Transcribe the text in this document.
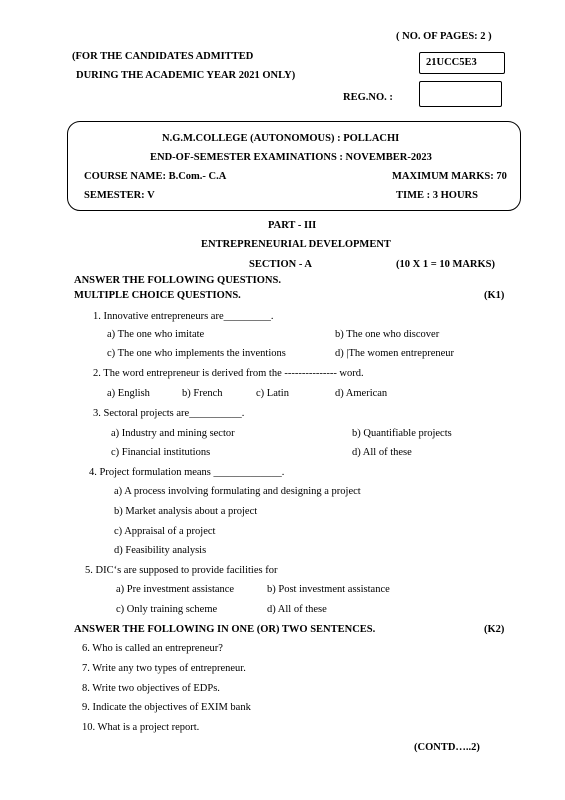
( NO. OF PAGES: 2 )
(FOR THE CANDIDATES ADMITTED
DURING THE ACADEMIC YEAR 2021 ONLY)
21UCC5E3
REG.NO. :
N.G.M.COLLEGE (AUTONOMOUS) : POLLACHI
END-OF-SEMESTER EXAMINATIONS : NOVEMBER-2023
COURSE NAME: B.Com.- C.A	MAXIMUM MARKS: 70
SEMESTER: V	TIME : 3 HOURS
PART - III
ENTREPRENEURIAL DEVELOPMENT
SECTION - A	(10 X 1 = 10 MARKS)
ANSWER THE FOLLOWING QUESTIONS.
MULTIPLE CHOICE QUESTIONS.	(K1)
1. Innovative entrepreneurs are_________.
a) The one who imitate	b) The one who discover
c) The one who implements the inventions	d) |The women entrepreneur
2. The word entrepreneur is derived from the --------------- word.
a) English	b) French	c) Latin	d) American
3. Sectoral projects are__________.
a) Industry and mining sector	b) Quantifiable projects
c) Financial institutions	d) All of these
4. Project formulation means _____________.
a) A process involving formulating and designing a project
b) Market analysis about a project
c) Appraisal of a project
d) Feasibility analysis
5. DIC‘s are supposed to provide facilities for
a) Pre investment assistance	b) Post investment assistance
c) Only training scheme	d) All of these
ANSWER THE FOLLOWING IN ONE (OR) TWO SENTENCES.	(K2)
6. Who is called an entrepreneur?
7. Write any two types of entrepreneur.
8. Write two objectives of EDPs.
9. Indicate the objectives of EXIM bank
10. What is a project report.
(CONTD…..2)
